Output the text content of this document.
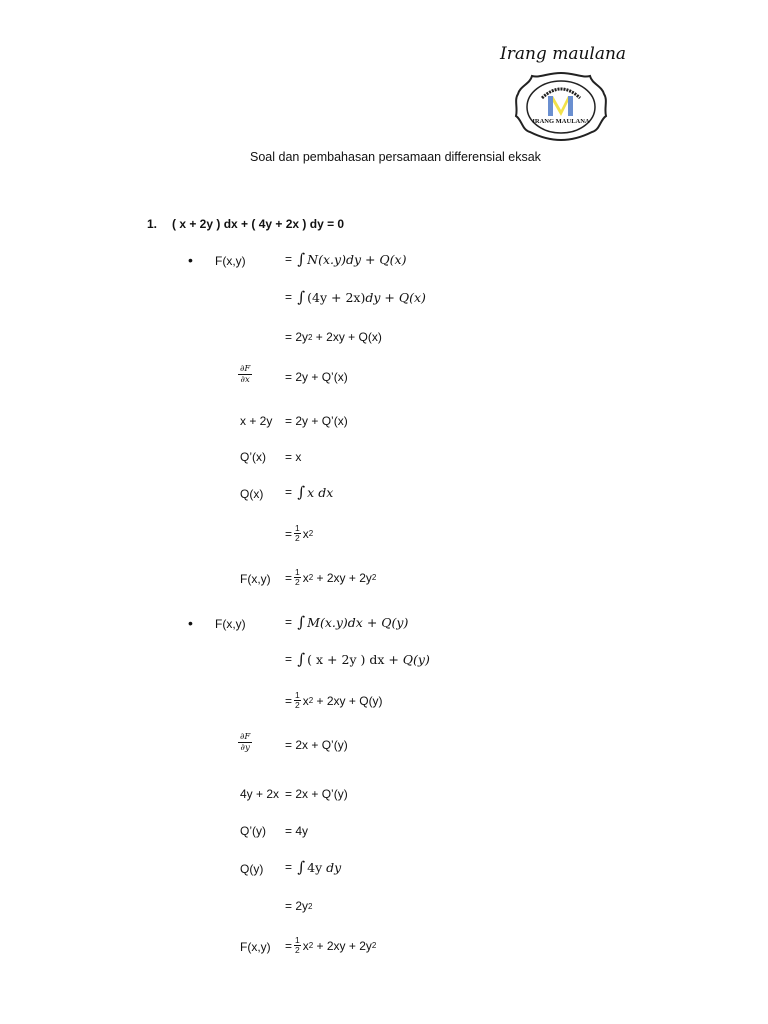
Irang maulana
IRANG MAULANA
Soal dan pembahasan persamaan differensial eksak
1. ( x + 2y ) dx + ( 4y + 2x ) dy = 0
• F(x,y)	= ∫ N(x.y)dy + Q(x)
= ∫ (4y + 2x) dy + Q(x)
= 2y 2 + 2xy + Q(x)
$\frac{\partial F}{\partial x}$	= 2y + Q’(x)
x + 2y = 2y + Q’(x)
Q’(x) = x
Q(x) = ∫ x dx
= $\frac{1}{2}$ x 2
$F(x,y) = \frac{1}{2}$ x 2 + 2xy + 2y 2
• F(x,y)	= ∫ M(x.y)dx + Q(y)
= ∫ ( x + 2y ) dx + Q(y)
= $\frac{1}{2}$ x 2 + 2xy + Q(y)
$\frac{\partial F}{\partial y}$	= 2x + Q’(y)
4y + 2x = 2x + Q’(y)
Q’(y) = 4y
Q(y) = ∫ 4y dy
= 2y 2
$F(x,y) = \frac{1}{2}$ x 2 + 2xy + 2y 2
